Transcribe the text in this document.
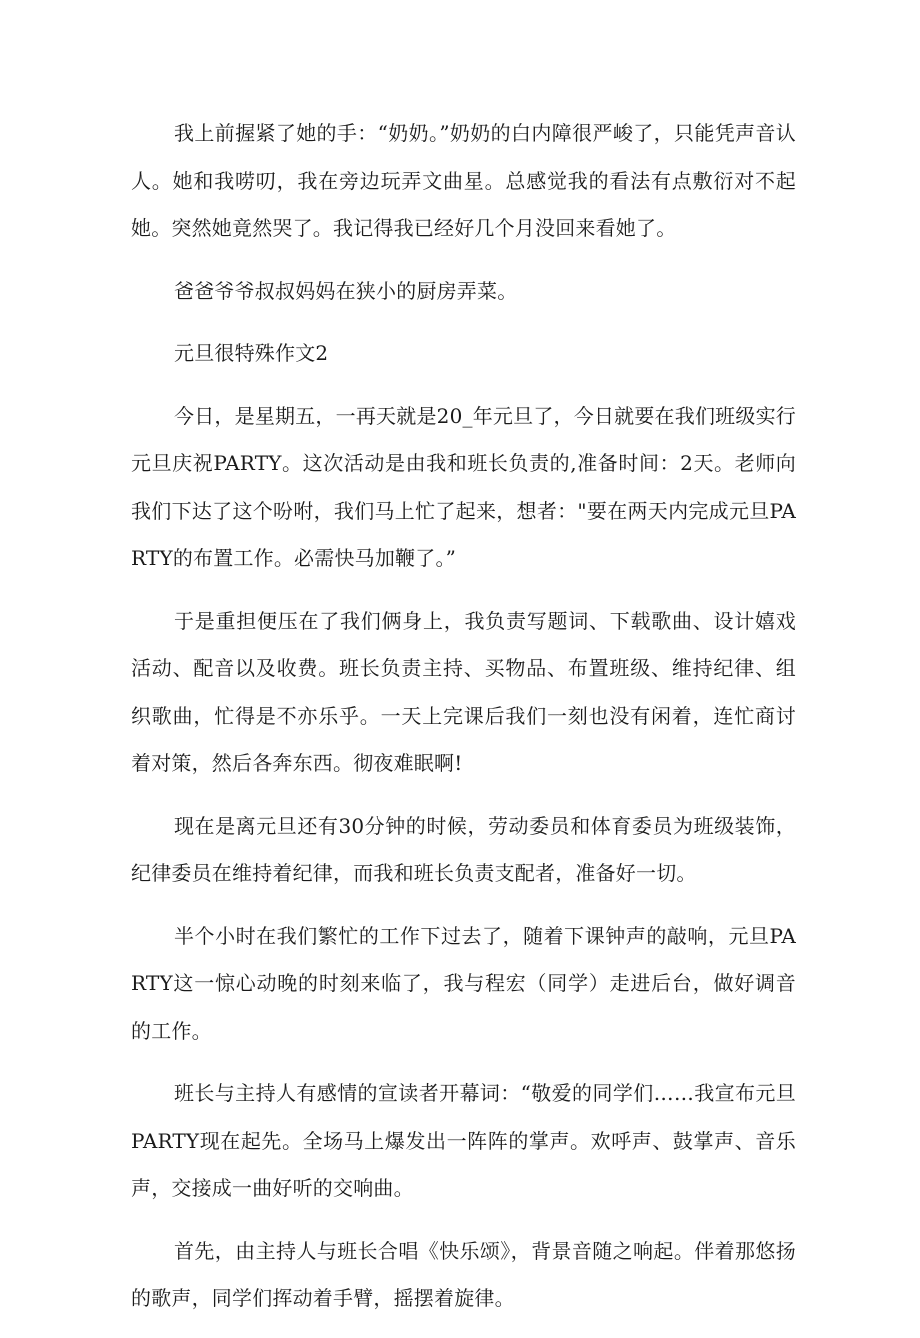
我上前握紧了她的手：“奶奶。”奶奶的白内障很严峻了，只能凭声音认人。她和我唠叨，我在旁边玩弄文曲星。总感觉我的看法有点敷衍对不起她。突然她竟然哭了。我记得我已经好几个月没回来看她了。

爸爸爷爷叔叔妈妈在狭小的厨房弄菜。

元旦很特殊作文2

今日，是星期五，一再天就是20_年元旦了，今日就要在我们班级实行元旦庆祝PARTY。这次活动是由我和班长负责的,准备时间：2天。老师向我们下达了这个吩咐，我们马上忙了起来，想者："要在两天内完成元旦PARTY的布置工作。必需快马加鞭了。”

于是重担便压在了我们俩身上，我负责写题词、下载歌曲、设计嬉戏活动、配音以及收费。班长负责主持、买物品、布置班级、维持纪律、组织歌曲，忙得是不亦乐乎。一天上完课后我们一刻也没有闲着，连忙商讨着对策，然后各奔东西。彻夜难眠啊!

现在是离元旦还有30分钟的时候，劳动委员和体育委员为班级装饰，纪律委员在维持着纪律，而我和班长负责支配者，准备好一切。

半个小时在我们繁忙的工作下过去了，随着下课钟声的敲响，元旦PARTY这一惊心动晚的时刻来临了，我与程宏（同学）走进后台，做好调音的工作。

班长与主持人有感情的宣读者开幕词：“敬爱的同学们……我宣布元旦PARTY现在起先。全场马上爆发出一阵阵的掌声。欢呼声、鼓掌声、音乐声，交接成一曲好听的交响曲。

首先，由主持人与班长合唱《快乐颂》，背景音随之响起。伴着那悠扬的歌声，同学们挥动着手臂，摇摆着旋律。
